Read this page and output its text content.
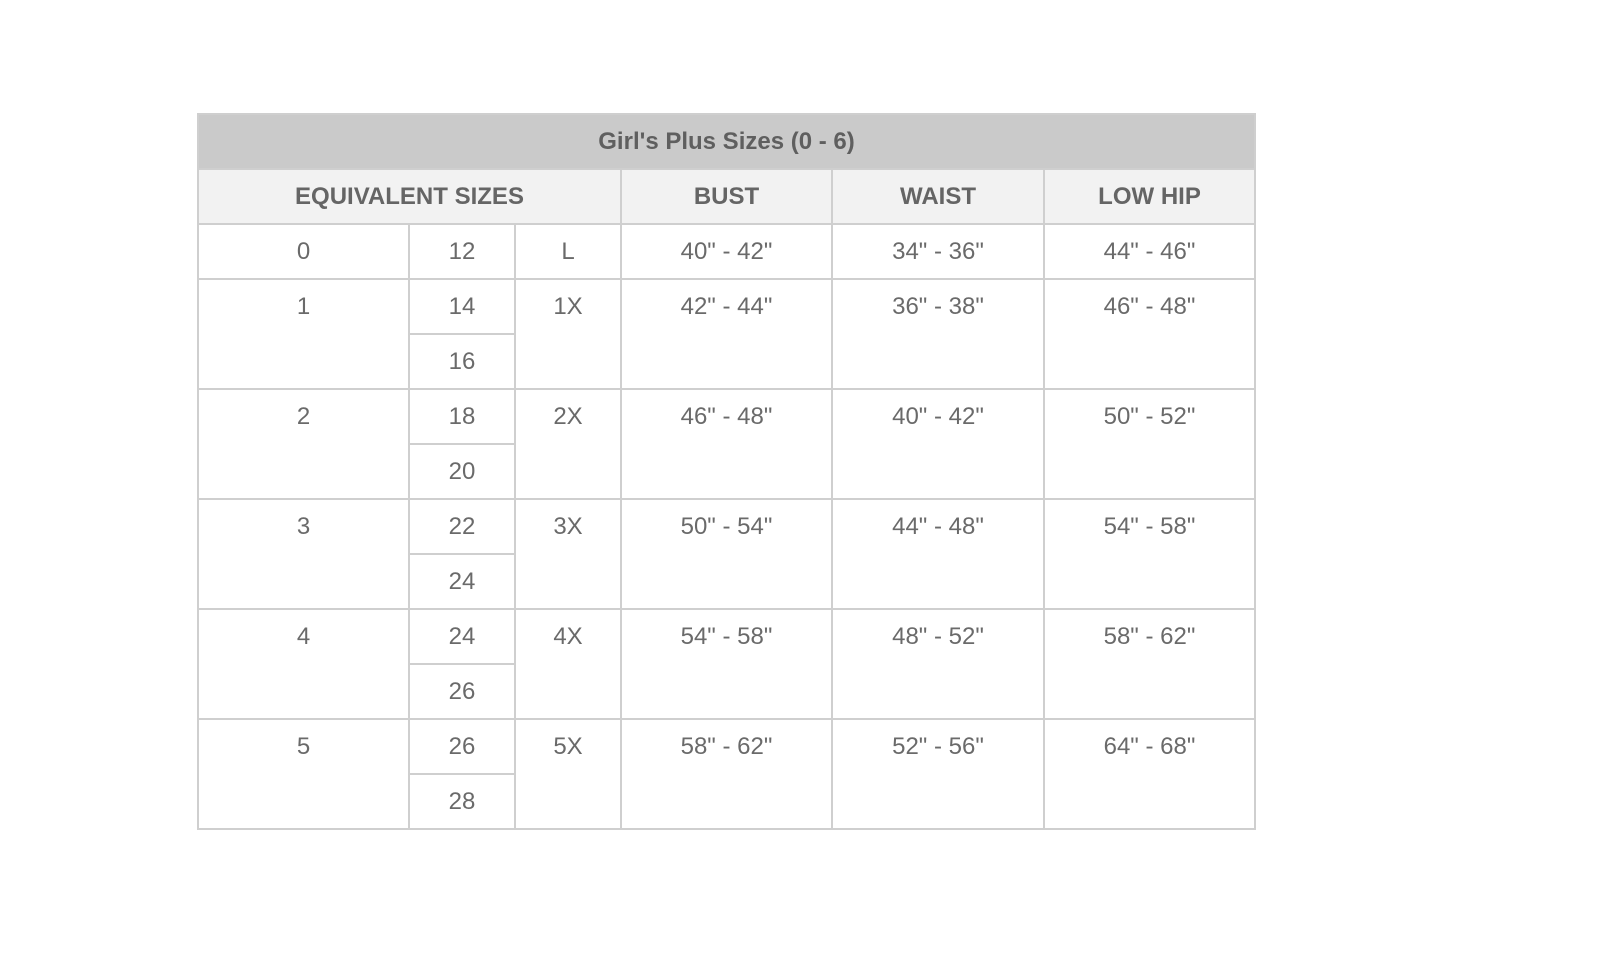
Girl's Plus Sizes (0 - 6)					
EQUIVALENT SIZES			BUST	WAIST	LOW HIP
0	12	L	40" - 42"	34" - 36"	44" - 46"
1	14	1X	42" - 44"	36" - 38"	46" - 48"
	16				
2	18	2X	46" - 48"	40" - 42"	50" - 52"
	20				
3	22	3X	50" - 54"	44" - 48"	54" - 58"
	24				
4	24	4X	54" - 58"	48" - 52"	58" - 62"
	26				
5	26	5X	58" - 62"	52" - 56"	64" - 68"
	28				
